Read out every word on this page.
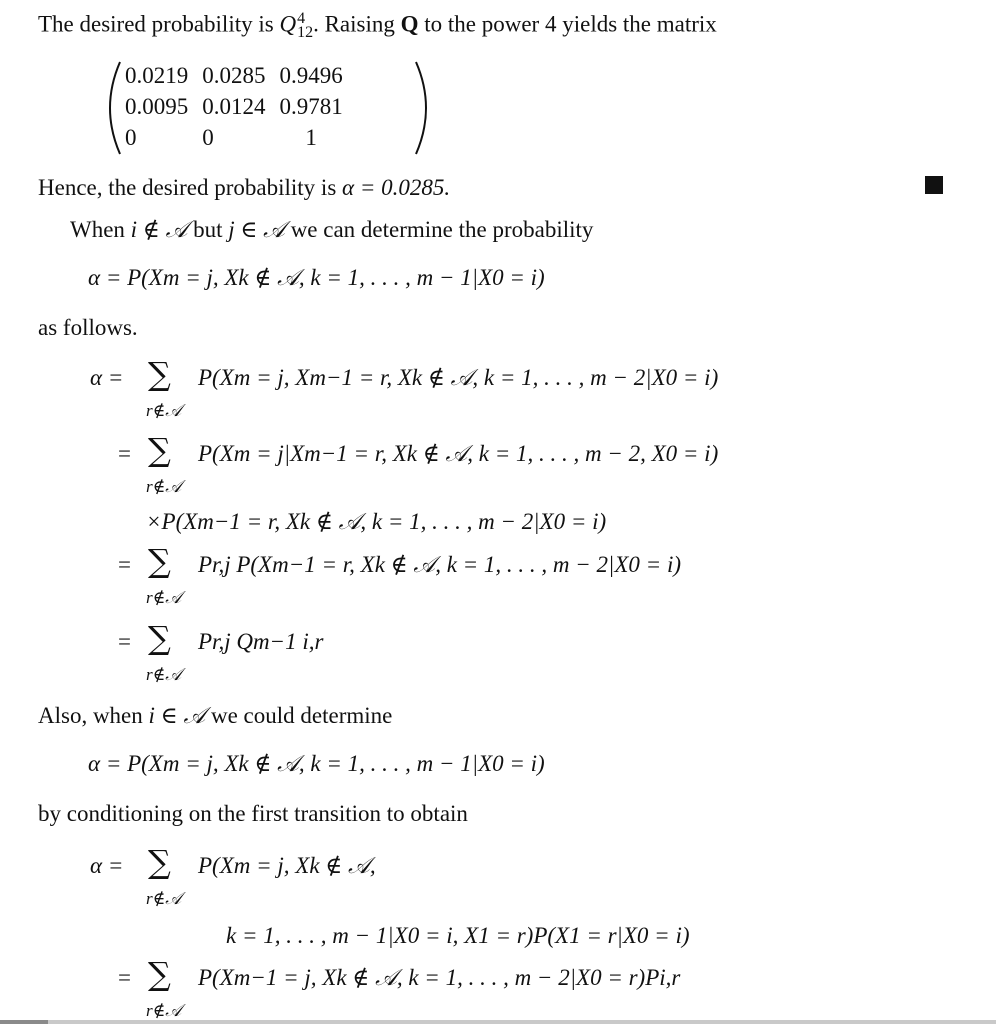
The desired probability is Q 4
12 . Raising Q to the power 4 yields the matrix
0.0219	0.0285	0.9496
0.0095	0.0124	0.9781
0	0	1
Hence, the desired probability is α = 0.0285.
When i ∉ 𝒜 but j ∈ 𝒜 we can determine the probability
α = P(Xm = j, Xk ∉ 𝒜, k = 1, . . . , m − 1|X0 = i)
as follows.
α = ∑
r∉𝒜
P(Xm = j, Xm−1 = r, Xk ∉ 𝒜, k = 1, . . . , m − 2|X0 = i)
= ∑
r∉𝒜
P(Xm = j|Xm−1 = r, Xk ∉ 𝒜, k = 1, . . . , m − 2, X0 = i)
×P(Xm−1 = r, Xk ∉ 𝒜, k = 1, . . . , m − 2|X0 = i)
= ∑
r∉𝒜
Pr,j P(Xm−1 = r, Xk ∉ 𝒜, k = 1, . . . , m − 2|X0 = i)
= ∑
r∉𝒜
Pr,j Qm−1 i,r
Also, when i ∈ 𝒜 we could determine
α = P(Xm = j, Xk ∉ 𝒜, k = 1, . . . , m − 1|X0 = i)
by conditioning on the first transition to obtain
α = ∑
r∉𝒜
P(Xm = j, Xk ∉ 𝒜,
k = 1, . . . , m − 1|X0 = i, X1 = r)P(X1 = r|X0 = i)
= ∑
r∉𝒜
P(Xm−1 = j, Xk ∉ 𝒜, k = 1, . . . , m − 2|X0 = r)Pi,r
